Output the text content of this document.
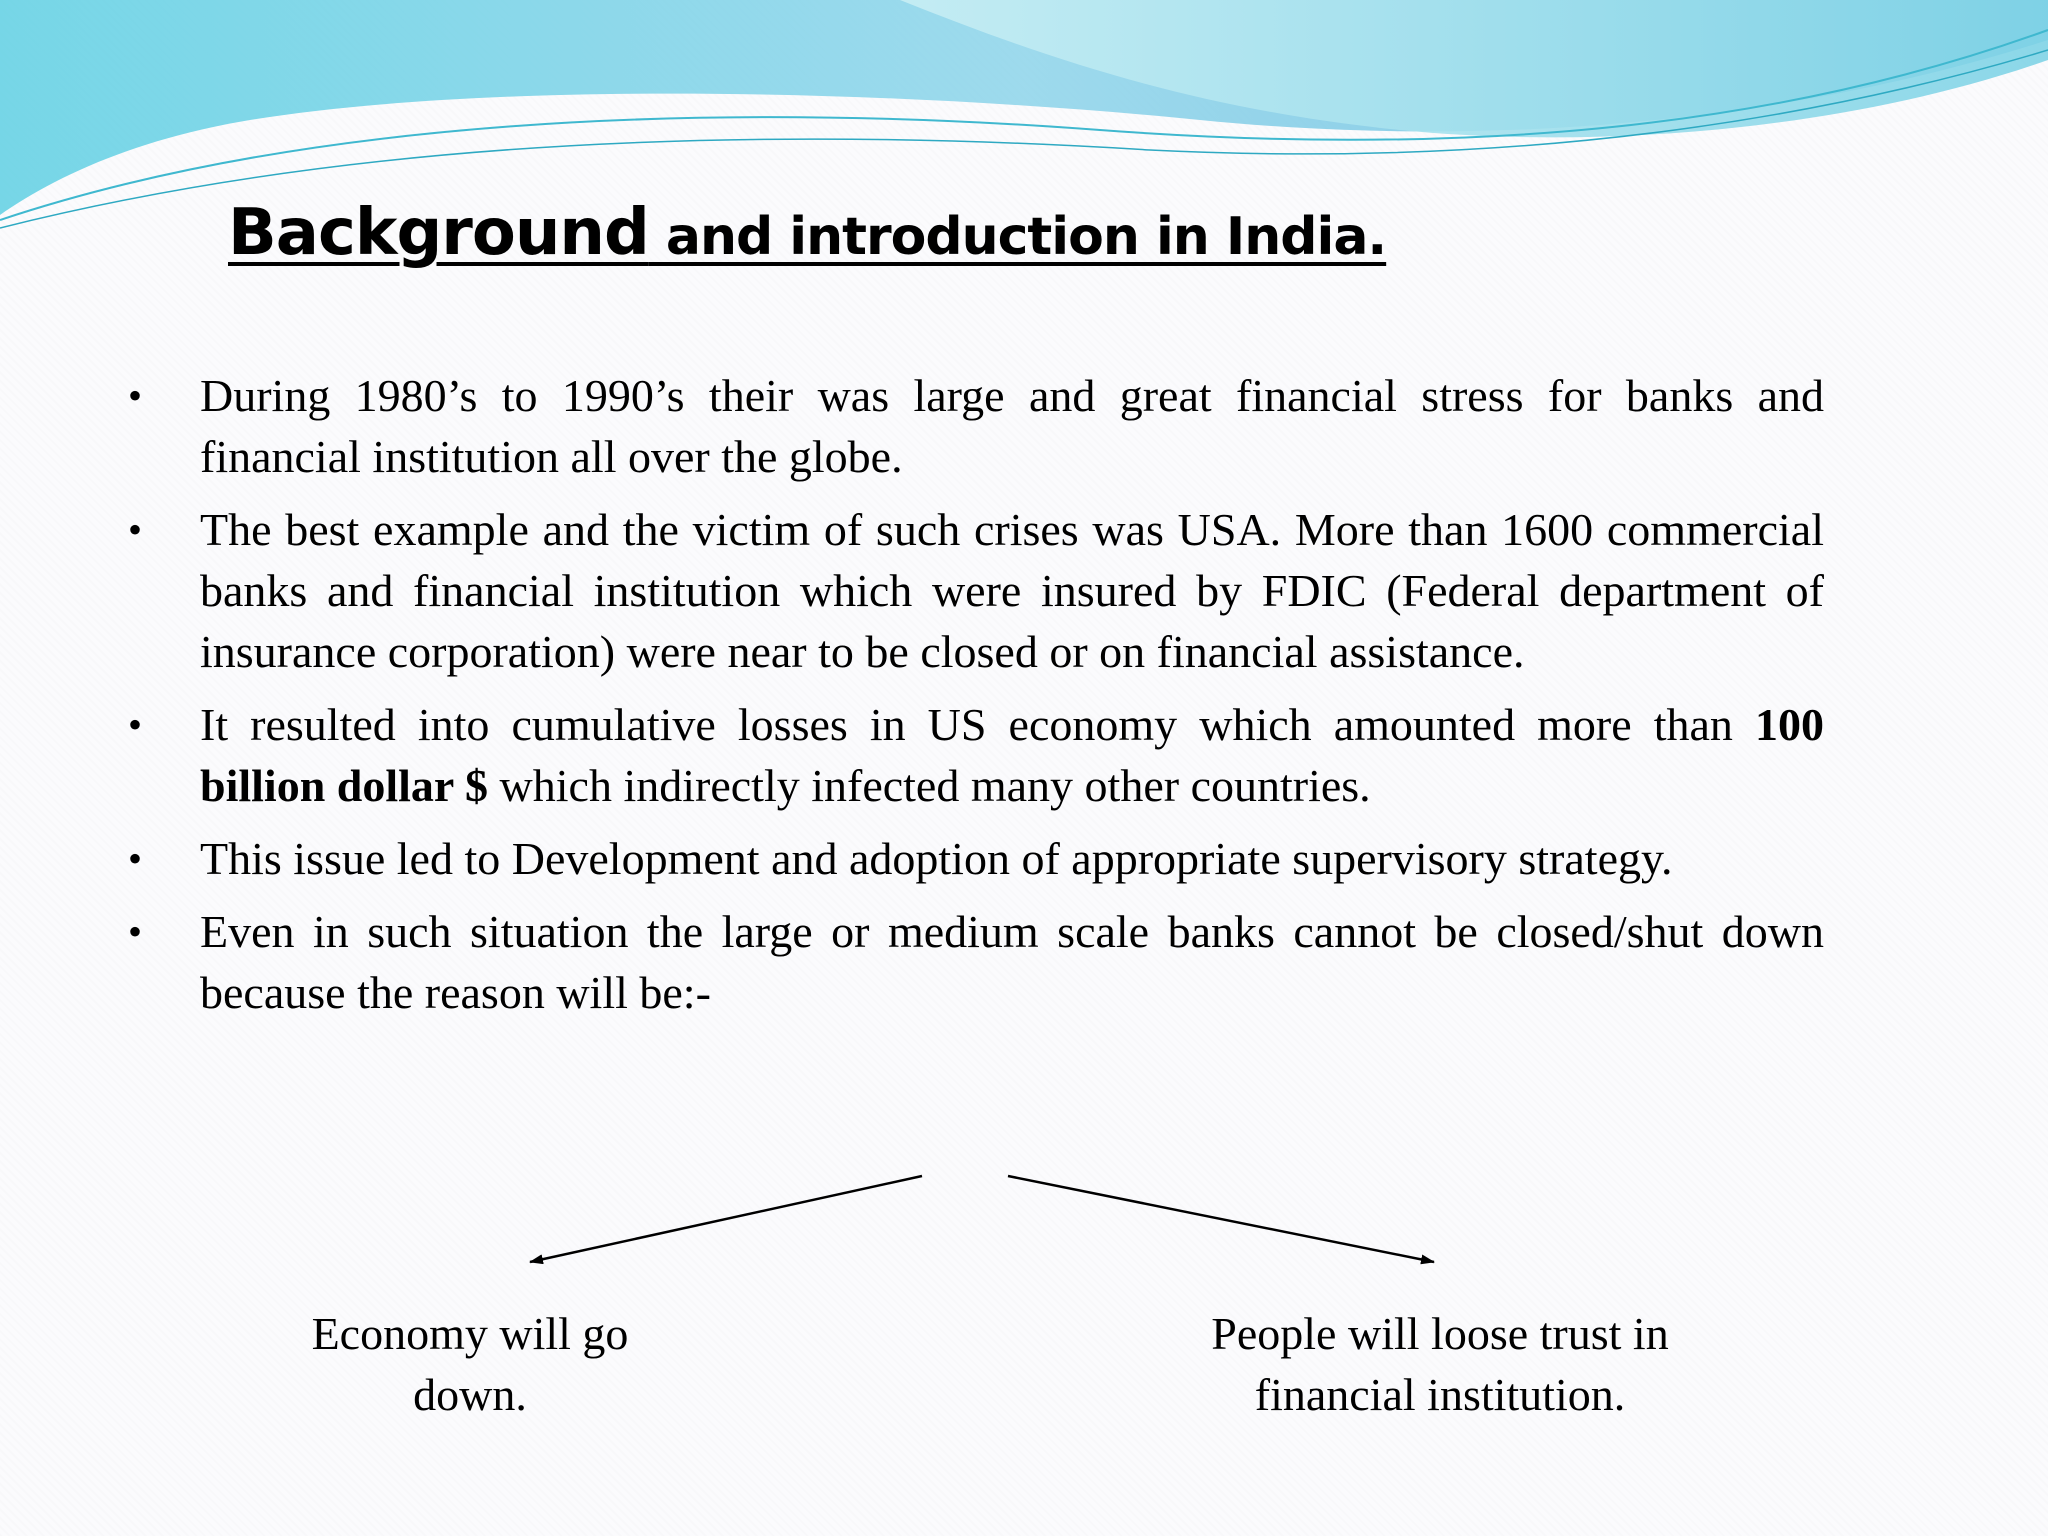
Background and introduction in India.
• During 1980’s to 1990’s their was large and great financial stress for banks and financial institution all over the globe.
• The best example and the victim of such crises was USA. More than 1600 commercial banks and financial institution which were insured by FDIC (Federal department of insurance corporation) were near to be closed or on financial assistance.
• It resulted into cumulative losses in US economy which amounted more than 100 billion dollar $ which indirectly infected many other countries.
• This issue led to Development and adoption of appropriate supervisory strategy.
• Even in such situation the large or medium scale banks cannot be closed/shut down because the reason will be:-
Economy will go
down.
People will loose trust in
financial institution.
